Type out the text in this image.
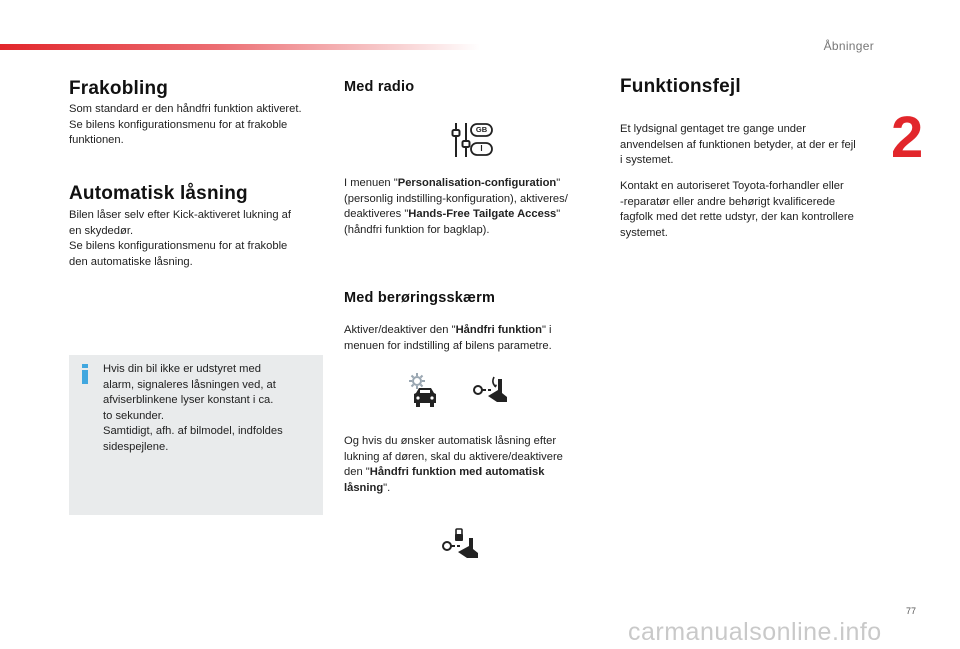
Åbninger
2
Frakobling

Som standard er den håndfri funktion aktiveret.
Se bilens konfigurationsmenu for at frakoble
funktionen.

Automatisk låsning

Bilen låser selv efter Kick-aktiveret lukning af
en skydedør.
Se bilens konfigurationsmenu for at frakoble
den automatiske låsning.

Hvis din bil ikke er udstyret med
alarm, signaleres låsningen ved, at
afviserblinkene lyser konstant i ca.
to sekunder.
Samtidigt, afh. af bilmodel, indfoldes
sidespejlene.

Med radio
GB
I

I menuen "Personalisation-configuration"
(personlig indstilling-konfiguration), aktiveres/
deaktiveres "Hands-Free Tailgate Access"
(håndfri funktion for bagklap).

Med berøringsskærm

Aktiver/deaktiver den "Håndfri funktion" i
menuen for indstilling af bilens parametre.

Og hvis du ønsker automatisk låsning efter
lukning af døren, skal du aktivere/deaktivere
den "Håndfri funktion med automatisk
låsning".

Funktionsfejl

Et lydsignal gentaget tre gange under
anvendelsen af funktionen betyder, at der er fejl
i systemet.

Kontakt en autoriseret Toyota-forhandler eller
-reparatør eller andre behørigt kvalificerede
fagfolk med det rette udstyr, der kan kontrollere
systemet.

77
carmanualsonline.info
